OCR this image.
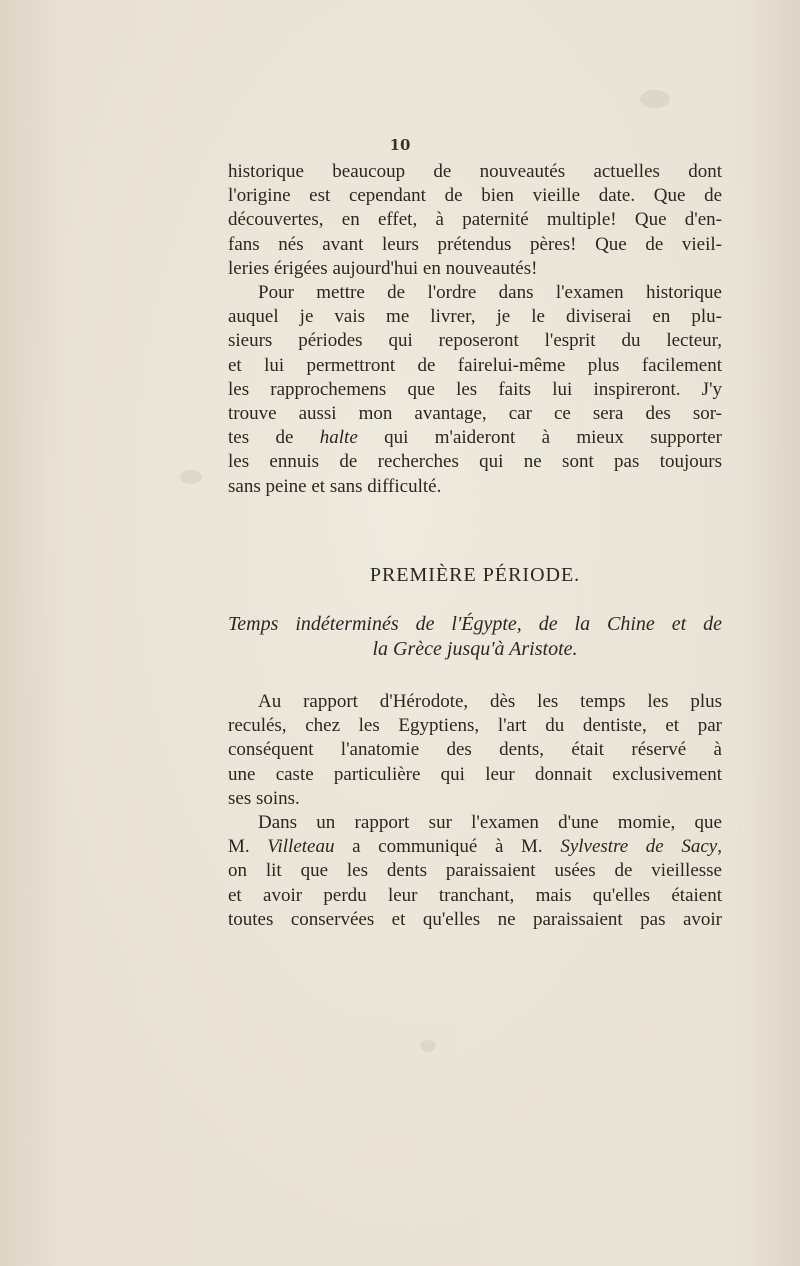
10
historique beaucoup de nouveautés actuelles dont
l'origine est cependant de bien vieille date. Que de
découvertes, en effet, à paternité multiple! Que d'en-
fans nés avant leurs prétendus pères! Que de vieil-
leries érigées aujourd'hui en nouveautés!
Pour mettre de l'ordre dans l'examen historique
auquel je vais me livrer, je le diviserai en plu-
sieurs périodes qui reposeront l'esprit du lecteur,
et lui permettront de fairelui-même plus facilement
les rapprochemens que les faits lui inspireront. J'y
trouve aussi mon avantage, car ce sera des sor-
tes de halte qui m'aideront à mieux supporter
les ennuis de recherches qui ne sont pas toujours
sans peine et sans difficulté.
PREMIÈRE PÉRIODE.
Temps indéterminés de l'Égypte, de la Chine et de
la Grèce jusqu'à Aristote.
Au rapport d'Hérodote, dès les temps les plus
reculés, chez les Egyptiens, l'art du dentiste, et par
conséquent l'anatomie des dents, était réservé à
une caste particulière qui leur donnait exclusivement
ses soins.
Dans un rapport sur l'examen d'une momie, que
M. Villeteau a communiqué à M. Sylvestre de Sacy,
on lit que les dents paraissaient usées de vieillesse
et avoir perdu leur tranchant, mais qu'elles étaient
toutes conservées et qu'elles ne paraissaient pas avoir
